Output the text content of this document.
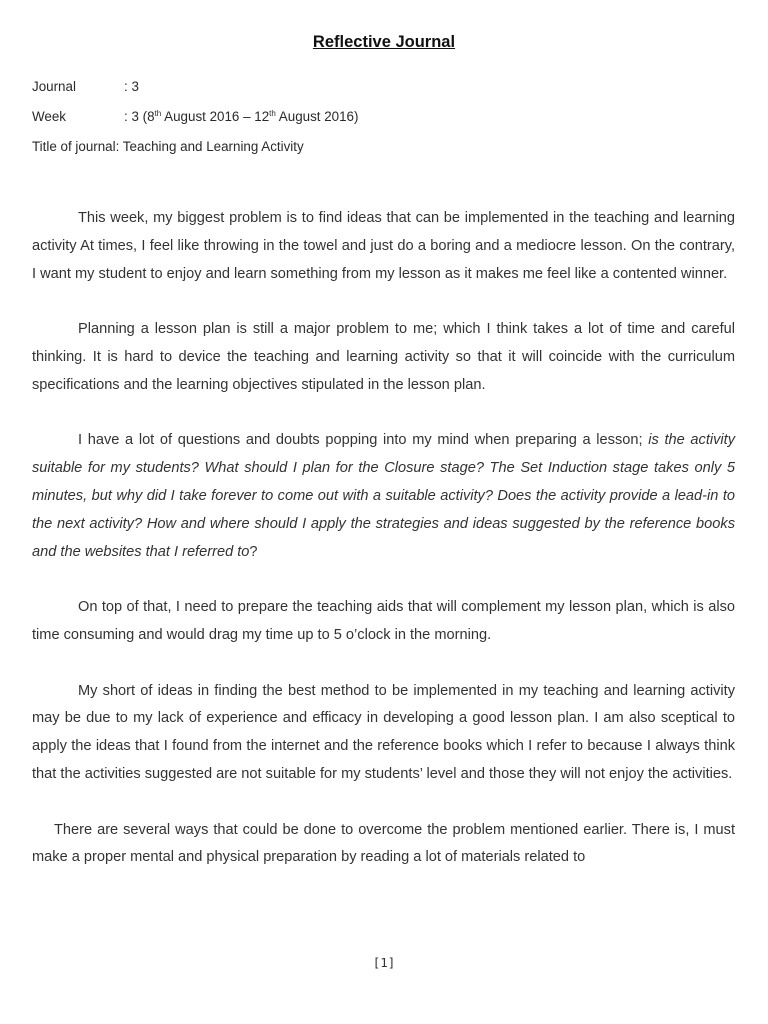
Reflective Journal
Journal	: 3
Week	: 3 (8th August 2016 – 12th August 2016)
Title of journal : Teaching and Learning Activity

This week, my biggest problem is to find ideas that can be implemented in the teaching and learning activity At times, I feel like throwing in the towel and just do a boring and a mediocre lesson. On the contrary, I want my student to enjoy and learn something from my lesson as it makes me feel like a contented winner.

Planning a lesson plan is still a major problem to me; which I think takes a lot of time and careful thinking. It is hard to device the teaching and learning activity so that it will coincide with the curriculum specifications and the learning objectives stipulated in the lesson plan.

I have a lot of questions and doubts popping into my mind when preparing a lesson; is the activity suitable for my students? What should I plan for the Closure stage? The Set Induction stage takes only 5 minutes, but why did I take forever to come out with a suitable activity? Does the activity provide a lead-in to the next activity? How and where should I apply the strategies and ideas suggested by the reference books and the websites that I referred to?

On top of that, I need to prepare the teaching aids that will complement my lesson plan, which is also time consuming and would drag my time up to 5 o’clock in the morning.

My short of ideas in finding the best method to be implemented in my teaching and learning activity may be due to my lack of experience and efficacy in developing a good lesson plan. I am also sceptical to apply the ideas that I found from the internet and the reference books which I refer to because I always think that the activities suggested are not suitable for my students’ level and those they will not enjoy the activities.

There are several ways that could be done to overcome the problem mentioned earlier. There is, I must make a proper mental and physical preparation by reading a lot of materials related to

[1]
